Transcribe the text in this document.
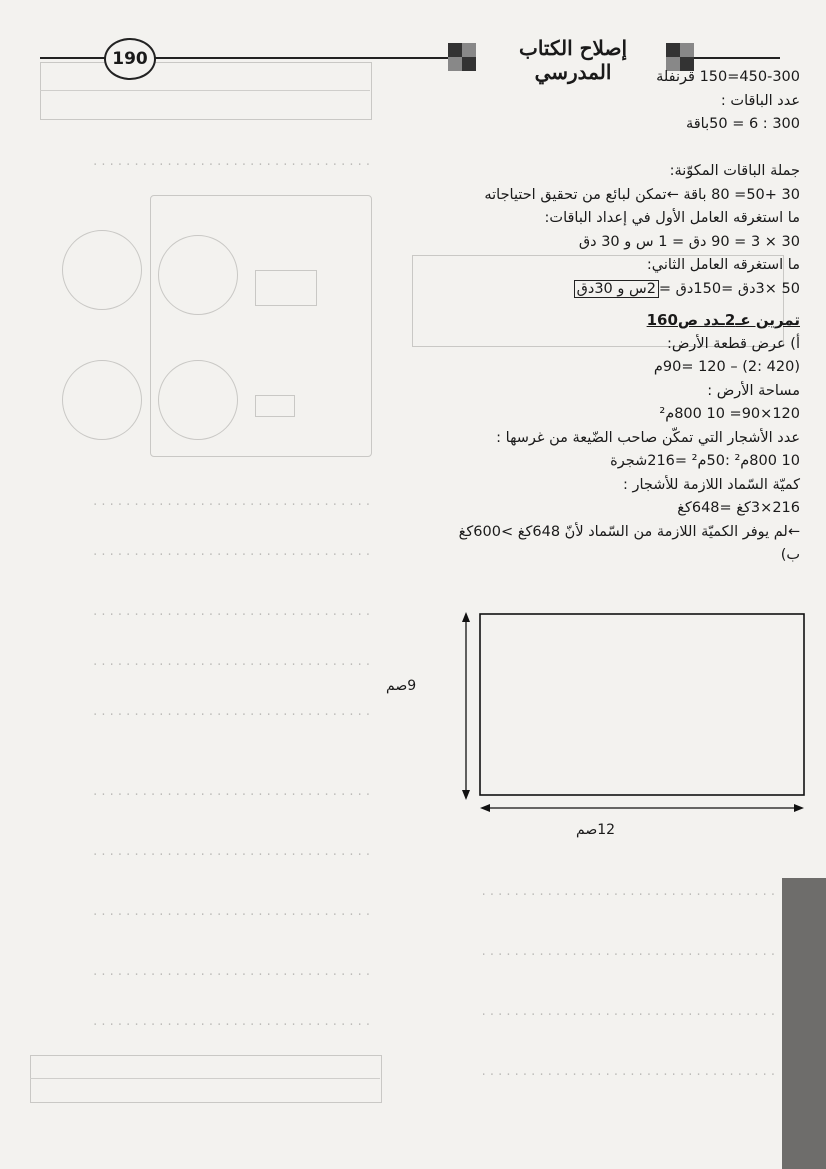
. . . . . . . . . . . . . . . . . . . . . . . . . . . . . . . . . .
. . . . . . . . . . . . . . . . . . . . . . . . . . . . . . . . . .
. . . . . . . . . . . . . . . . . . . . . . . . . . . . . . . . . .
. . . . . . . . . . . . . . . . . . . . . . . . . . . . . . . . . .
. . . . . . . . . . . . . . . . . . . . . . . . . . . . . . . . . .
. . . . . . . . . . . . . . . . . . . . . . . . . . . . . . . . . .
. . . . . . . . . . . . . . . . . . . . . . . . . . . . . . . . . .
. . . . . . . . . . . . . . . . . . . . . . . . . . . . . . . . . .
. . . . . . . . . . . . . . . . . . . . . . . . . . . . . . . . . .
. . . . . . . . . . . . . . . . . . . . . . . . . . . . . . . . . .
. . . . . . . . . . . . . . . . . . . . . . . . . . . . . . . . . .
. . . . . . . . . . . . . . . . . . . . . . . . . . . . . . . . . . . .
. . . . . . . . . . . . . . . . . . . . . . . . . . . . . . . . . . . .
. . . . . . . . . . . . . . . . . . . . . . . . . . . . . . . . . . . .
. . . . . . . . . . . . . . . . . . . . . . . . . . . . . . . . . . . .
190	إصلاح الكتاب المدرسي	450-300=150 قرنفلة
عدد الباقات :
300 : 6 = 50باقة
جملة الباقات المكوّنة:
30 +50= 80 باقة ←تمكن لبائع من تحقيق احتياجاته
ما استغرقه العامل الأول في إعداد الباقات:
30 × 3 = 90 دق = 1 س و 30 دق
ما استغرقه العامل الثاني:
50 ×3دق =150دق =2س و 30دق
تمرين عـ2ـدد ص160
أ) عرض قطعة الأرض:
(420 :2) – 120 =90م
مساحة الأرض :
120×90= 10 800م²
عدد الأشجار التي تمكّن صاحب الضّيعة من غرسها :
10 800م² :50م² =216شجرة
كميّة السّماد اللازمة للأشجار :
216×3كغ =648كغ
←لم يوفر الكميّة اللازمة من السّماد لأنّ 648كغ >600كغ
ب)
9صم
12صم
